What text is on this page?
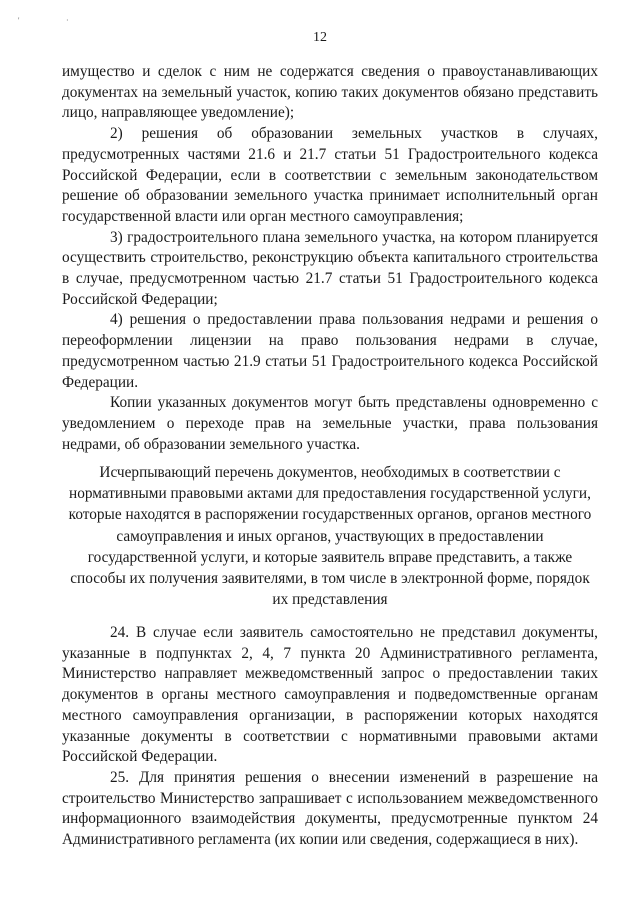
'	·
12

имущество и сделок с ним не содержатся сведения о правоустанавливающих документах на земельный участок, копию таких документов обязано представить лицо, направляющее уведомление);

2) решения об образовании земельных участков в случаях, предусмотренных частями 21.6 и 21.7 статьи 51 Градостроительного кодекса Российской Федерации, если в соответствии с земельным законодательством решение об образовании земельного участка принимает исполнительный орган государственной власти или орган местного самоуправления;

3) градостроительного плана земельного участка, на котором планируется осуществить строительство, реконструкцию объекта капитального строительства в случае, предусмотренном частью 21.7 статьи 51 Градостроительного кодекса Российской Федерации;

4) решения о предоставлении права пользования недрами и решения о переоформлении лицензии на право пользования недрами в случае, предусмотренном частью 21.9 статьи 51 Градостроительного кодекса Российской Федерации.

Копии указанных документов могут быть представлены одновременно с уведомлением о переходе прав на земельные участки, права пользования недрами, об образовании земельного участка.

Исчерпывающий перечень документов, необходимых в соответствии с нормативными правовыми актами для предоставления государственной услуги, которые находятся в распоряжении государственных органов, органов местного самоуправления и иных органов, участвующих в предоставлении государственной услуги, и которые заявитель вправе представить, а также способы их получения заявителями, в том числе в электронной форме, порядок их представления

24. В случае если заявитель самостоятельно не представил документы, указанные в подпунктах 2, 4, 7 пункта 20 Административного регламента, Министерство направляет межведомственный запрос о предоставлении таких документов в органы местного самоуправления и подведомственные органам местного самоуправления организации, в распоряжении которых находятся указанные документы в соответствии с нормативными правовыми актами Российской Федерации.

25. Для принятия решения о внесении изменений в разрешение на строительство Министерство запрашивает с использованием межведомственного информационного взаимодействия документы, предусмотренные пунктом 24 Административного регламента (их копии или сведения, содержащиеся в них).
